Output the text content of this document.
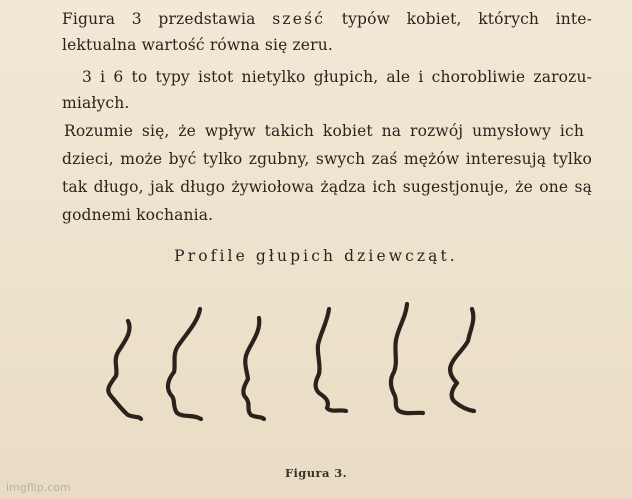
Figura 3 przedstawia sześć typów kobiet, których inte-
lektualna wartość równa się zeru.
3 i 6 to typy istot nietylko głupich, ale i chorobliwie zarozu-
miałych.
Rozumie się, że wpływ takich kobiet na rozwój umysłowy ich
dzieci, może być tylko zgubny, swych zaś mężów interesują tylko
tak długo, jak długo żywiołowa żądza ich sugestjonuje, że one są
godnemi kochania.
Profile głupich dziewcząt.
Figura 3.
imgflip.com
